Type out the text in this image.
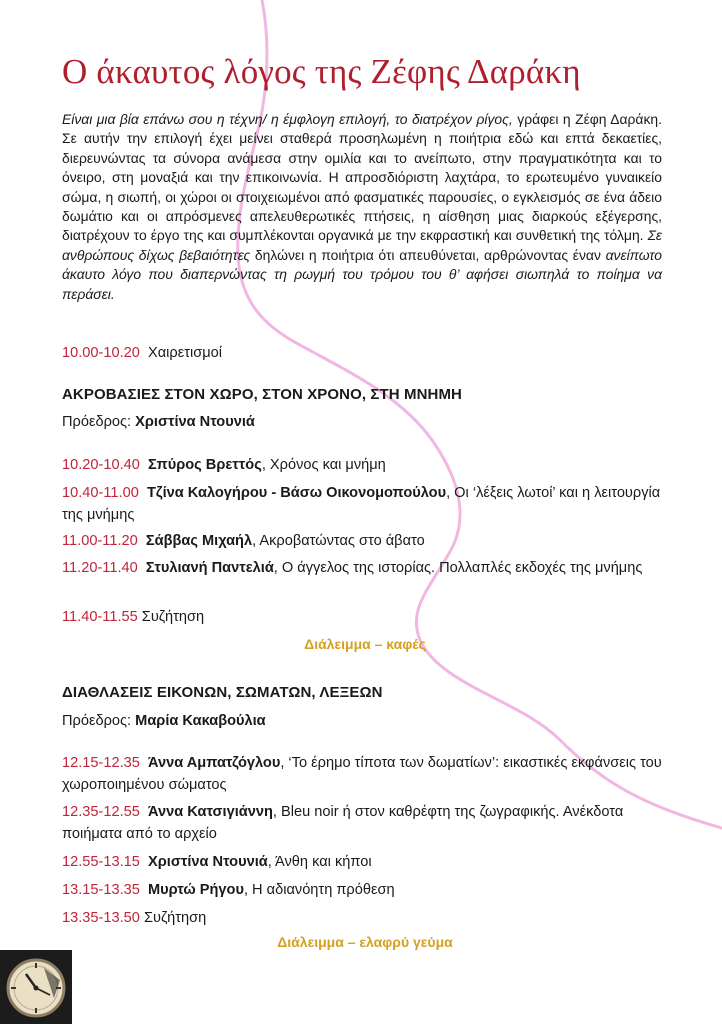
Ο άκαυτος λόγος της Ζέφης Δαράκη

Είναι μια βία επάνω σου η τέχνη/ η έμφλογη επιλογή, το διατρέχον ρίγος, γράφει η Ζέφη Δαράκη. Σε αυτήν την επιλογή έχει μείνει σταθερά προσηλωμένη η ποιήτρια εδώ και επτά δεκαετίες, διερευνώντας τα σύνορα ανάμεσα στην ομιλία και το ανείπωτο, στην πραγματικότητα και το όνειρο, στη μοναξιά και την επικοινωνία. Η απροσδιόριστη λαχτάρα, το ερωτευμένο γυναικείο σώμα, η σιωπή, οι χώροι οι στοιχειωμένοι από φασματικές παρουσίες, ο εγκλεισμός σε ένα άδειο δωμάτιο και οι απρόσμενες απελευθερωτικές πτήσεις, η αίσθηση μιας διαρκούς εξέγερσης, διατρέχουν το έργο της και συμπλέκονται οργανικά με την εκφραστική και συνθετική της τόλμη. Σε ανθρώπους δίχως βεβαιότητες δηλώνει η ποιήτρια ότι απευθύνεται, αρθρώνοντας έναν ανείπωτο άκαυτο λόγο που διαπερνώντας τη ρωγμή του τρόμου του θ’ αφήσει σιωπηλά το ποίημα να περάσει.

10.00-10.20 Χαιρετισμοί
ΑΚΡΟΒΑΣΙΕΣ ΣΤΟΝ ΧΩΡΟ, ΣΤΟΝ ΧΡΟΝΟ, ΣΤΗ ΜΝΗΜΗ
Πρόεδρος: Χριστίνα Ντουνιά
10.20-10.40 Σπύρος Βρεττός, Χρόνος και μνήμη
10.40-11.00 Τζίνα Καλογήρου - Βάσω Οικονομοπούλου, Οι ‘λέξεις λωτοί’ και η λειτουργία της μνήμης
11.00-11.20 Σάββας Μιχαήλ, Ακροβατώντας στο άβατο
11.20-11.40 Στυλιανή Παντελιά, Ο άγγελος της ιστορίας. Πολλαπλές εκδοχές της μνήμης
11.40-11.55 Συζήτηση
Διάλειμμα – καφές
ΔΙΑΘΛΑΣΕΙΣ ΕΙΚΟΝΩΝ, ΣΩΜΑΤΩΝ, ΛΕΞΕΩΝ
Πρόεδρος: Μαρία Κακαβούλια
12.15-12.35 Άννα Αμπατζόγλου, ‘Το έρημο τίποτα των δωματίων’: εικαστικές εκφάνσεις του χωροποιημένου σώματος
12.35-12.55 Άννα Κατσιγιάννη, Bleu noir ή στον καθρέφτη της ζωγραφικής. Ανέκδοτα ποιήματα από το αρχείο
12.55-13.15 Χριστίνα Ντουνιά, Άνθη και κήποι
13.15-13.35 Μυρτώ Ρήγου, Η αδιανόητη πρόθεση
13.35-13.50 Συζήτηση
Διάλειμμα – ελαφρύ γεύμα
